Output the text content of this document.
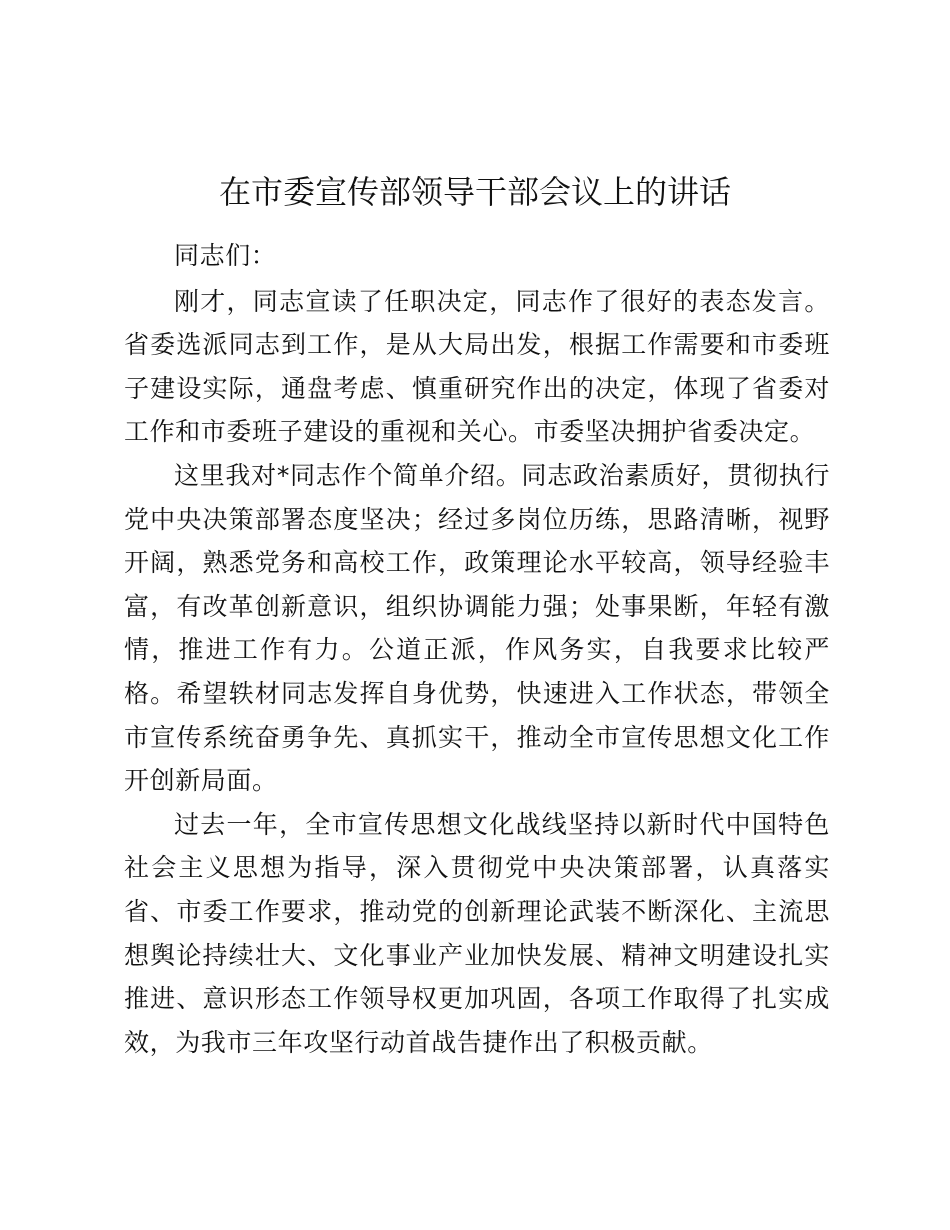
在市委宣传部领导干部会议上的讲话

同志们：

刚才，同志宣读了任职决定，同志作了很好的表态发言。省委选派同志到工作，是从大局出发，根据工作需要和市委班子建设实际，通盘考虑、慎重研究作出的决定，体现了省委对工作和市委班子建设的重视和关心。市委坚决拥护省委决定。

这里我对*同志作个简单介绍。同志政治素质好，贯彻执行党中央决策部署态度坚决；经过多岗位历练，思路清晰，视野开阔，熟悉党务和高校工作，政策理论水平较高，领导经验丰富，有改革创新意识，组织协调能力强；处事果断，年轻有激情，推进工作有力。公道正派，作风务实，自我要求比较严格。希望轶材同志发挥自身优势，快速进入工作状态，带领全市宣传系统奋勇争先、真抓实干，推动全市宣传思想文化工作开创新局面。

过去一年，全市宣传思想文化战线坚持以新时代中国特色社会主义思想为指导，深入贯彻党中央决策部署，认真落实省、市委工作要求，推动党的创新理论武装不断深化、主流思想舆论持续壮大、文化事业产业加快发展、精神文明建设扎实推进、意识形态工作领导权更加巩固，各项工作取得了扎实成效，为我市三年攻坚行动首战告捷作出了积极贡献。
